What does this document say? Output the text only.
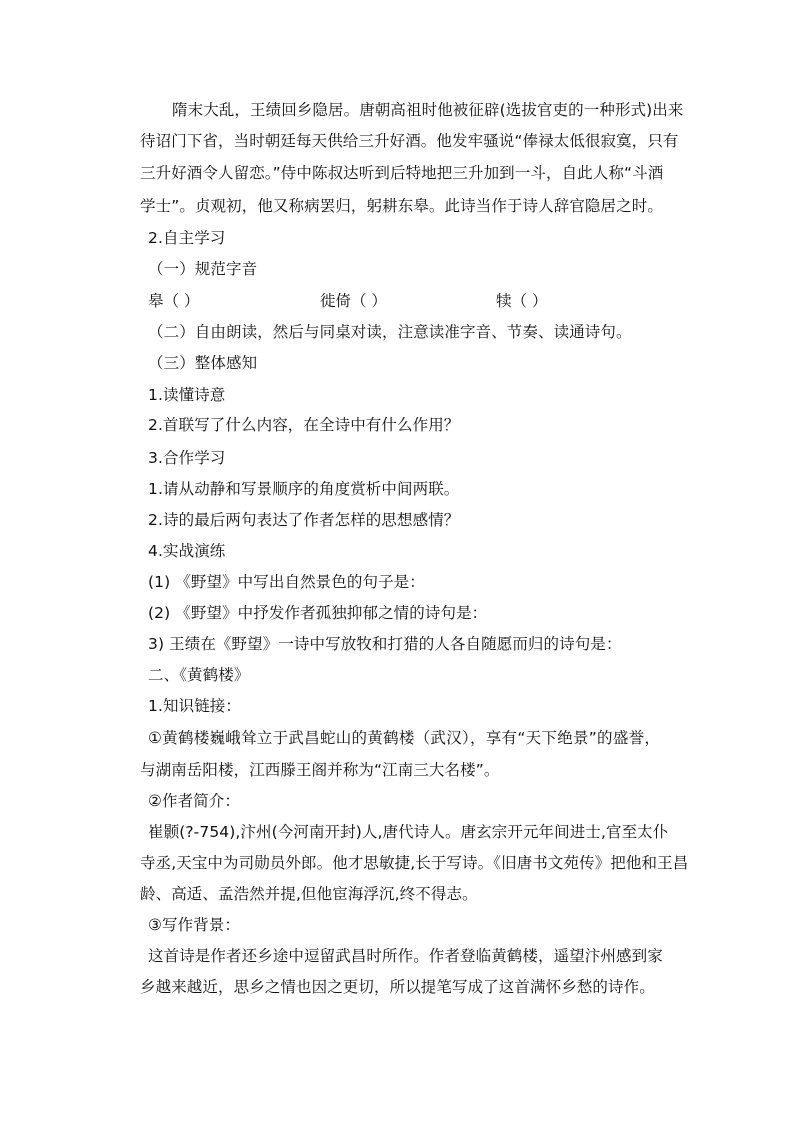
隋末大乱，王绩回乡隐居。唐朝高祖时他被征辟(选拔官吏的一种形式)出来
待诏门下省，当时朝廷每天供给三升好酒。他发牢骚说“俸禄太低很寂寞，只有
三升好酒令人留恋。”侍中陈叔达听到后特地把三升加到一斗，自此人称“斗酒
学士”。贞观初，他又称病罢归，躬耕东皋。此诗当作于诗人辞官隐居之时。
2.自主学习
（一）规范字音
皋（ ）	徙倚（ ）	犊（ ）
（二）自由朗读，然后与同桌对读，注意读准字音、节奏、读通诗句。
（三）整体感知
1.读懂诗意
2.首联写了什么内容，在全诗中有什么作用？
3.合作学习
1.请从动静和写景顺序的角度赏析中间两联。
2.诗的最后两句表达了作者怎样的思想感情？
4.实战演练
(1) 《野望》中写出自然景色的句子是：
(2) 《野望》中抒发作者孤独抑郁之情的诗句是：
3) 王绩在《野望》一诗中写放牧和打猎的人各自随愿而归的诗句是：
二、《黄鹤楼》
1.知识链接：
①黄鹤楼巍峨耸立于武昌蛇山的黄鹤楼（武汉），享有“天下绝景”的盛誉，
与湖南岳阳楼，江西滕王阁并称为“江南三大名楼”。
②作者简介：
崔颢(?-754),汴州(今河南开封)人,唐代诗人。唐玄宗开元年间进士,官至太仆
寺丞,天宝中为司勋员外郎。他才思敏捷,长于写诗。《旧唐书文苑传》把他和王昌
龄、高适、孟浩然并提,但他宦海浮沉,终不得志。
③写作背景：
这首诗是作者还乡途中逗留武昌时所作。作者登临黄鹤楼，遥望汴州感到家
乡越来越近，思乡之情也因之更切，所以提笔写成了这首满怀乡愁的诗作。
